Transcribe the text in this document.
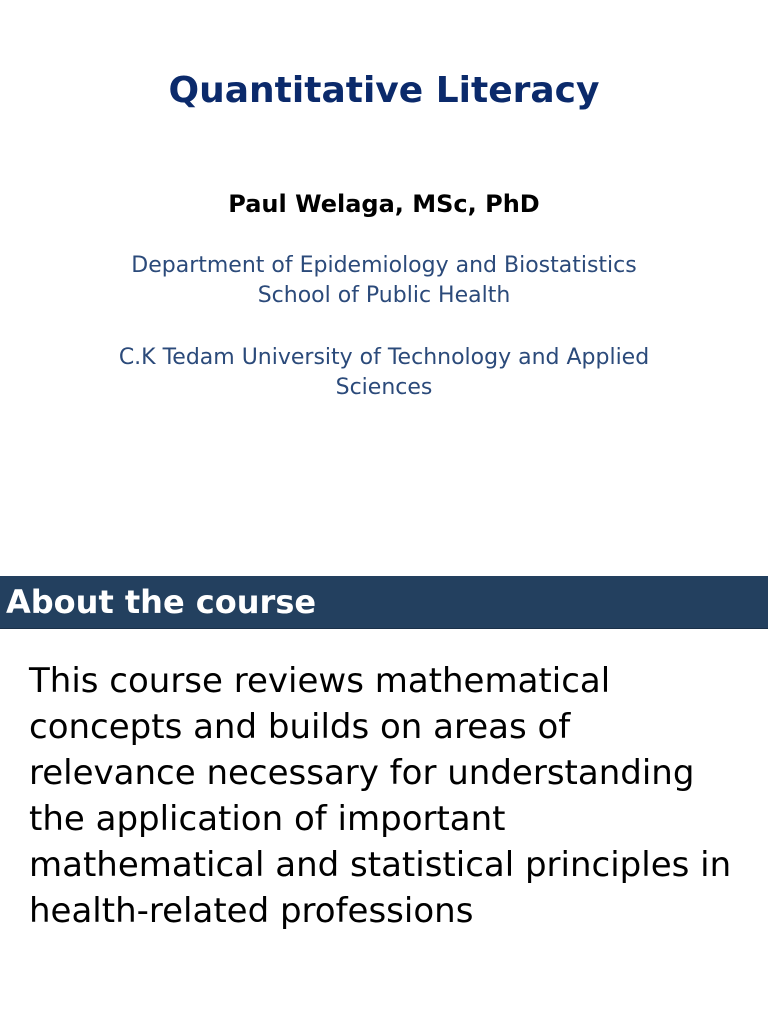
Quantitative Literacy

Paul Welaga, MSc, PhD

Department of Epidemiology and Biostatistics
School of Public Health

C.K Tedam University of Technology and Applied
Sciences

About the course

This course reviews mathematical
concepts and builds on areas of
relevance necessary for understanding
the application of important
mathematical and statistical principles in
health-related professions
